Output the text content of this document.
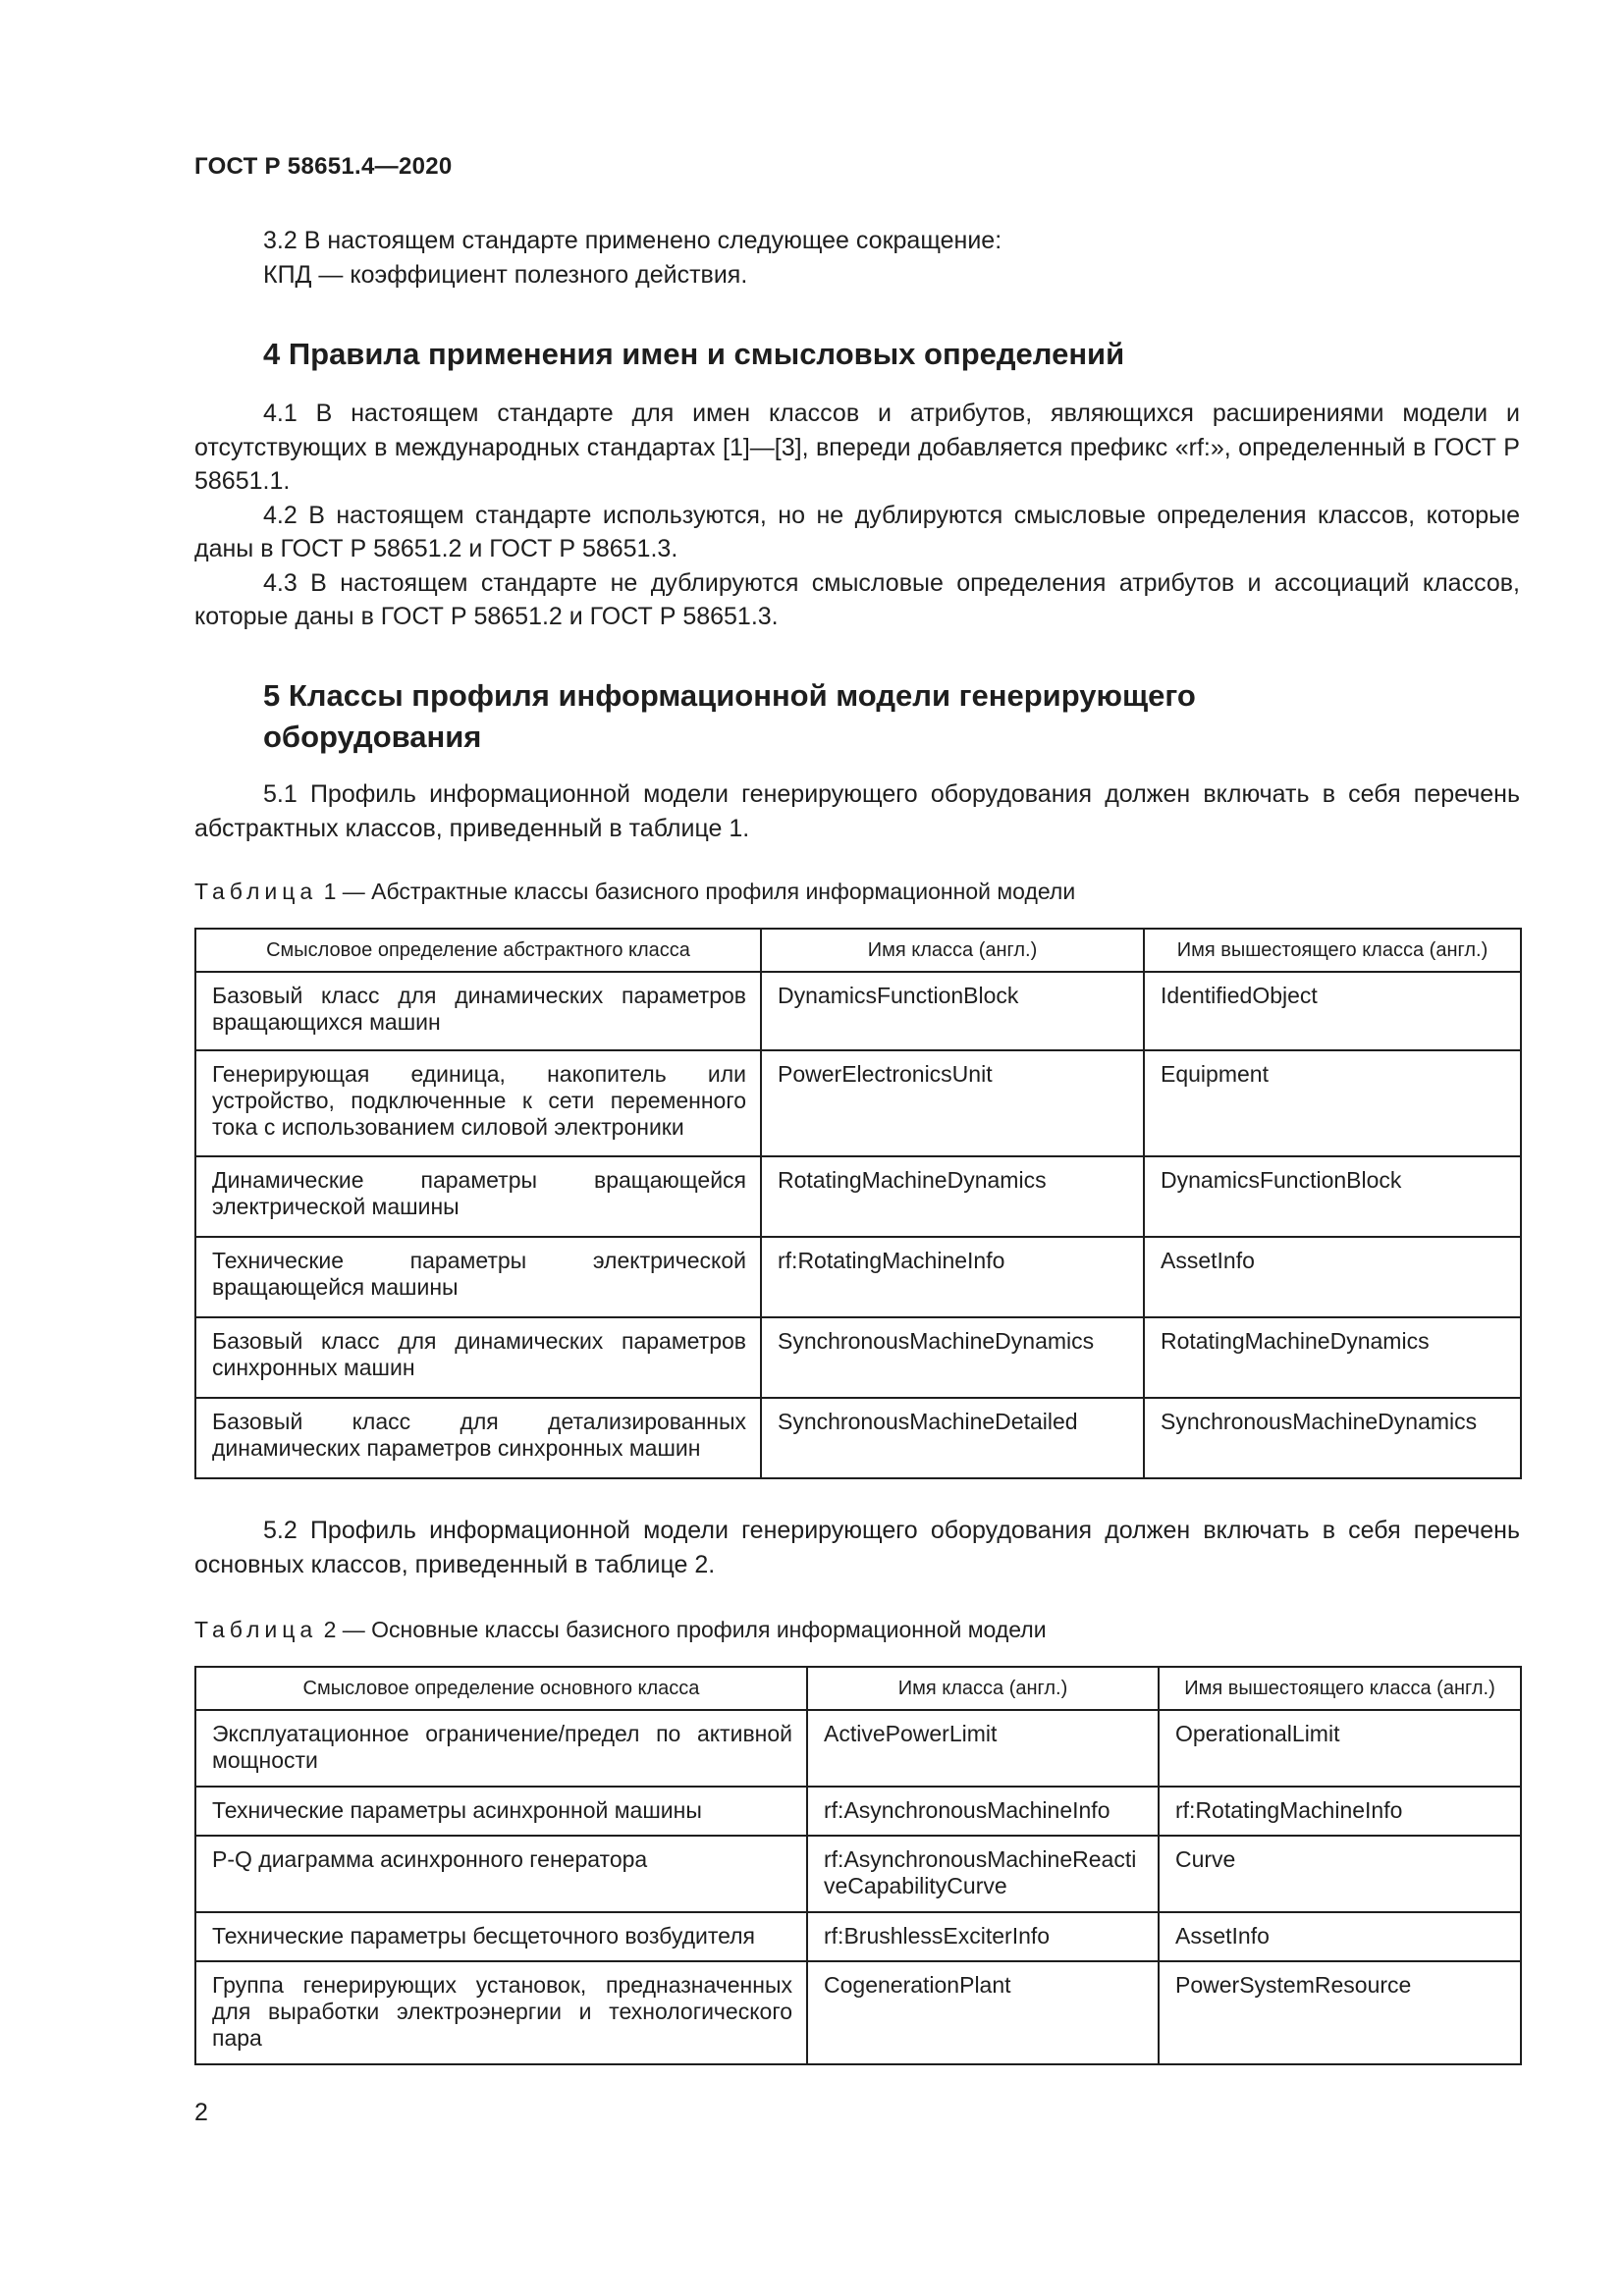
ГОСТ Р 58651.4—2020

3.2 В настоящем стандарте применено следующее сокращение:

КПД — коэффициент полезного действия.

4 Правила применения имен и смысловых определений

4.1 В настоящем стандарте для имен классов и атрибутов, являющихся расширениями модели и отсутствующих в международных стандартах [1]—[3], впереди добавляется префикс «rf:», определенный в ГОСТ Р 58651.1.

4.2 В настоящем стандарте используются, но не дублируются смысловые определения классов, которые даны в ГОСТ Р 58651.2 и ГОСТ Р 58651.3.

4.3 В настоящем стандарте не дублируются смысловые определения атрибутов и ассоциаций классов, которые даны в ГОСТ Р 58651.2 и ГОСТ Р 58651.3.

5 Классы профиля информационной модели генерирующего
оборудования
5.1 Профиль информационной модели генерирующего оборудования должен включать в себя перечень абстрактных классов, приведенный в таблице 1.
Таблица 1 — Абстрактные классы базисного профиля информационной модели
Смысловое определение абстрактного класса	Имя класса (англ.)	Имя вышестоящего класса (англ.)
Базовый класс для динамических параметров вращающихся машин	DynamicsFunctionBlock	IdentifiedObject
Генерирующая единица, накопитель или устройство, подключенные к сети переменного тока с использованием силовой электроники	PowerElectronicsUnit	Equipment
Динамические параметры вращающейся электрической машины	RotatingMachineDynamics	DynamicsFunctionBlock
Технические параметры электрической вращающейся машины	rf:RotatingMachineInfo	AssetInfo
Базовый класс для динамических параметров синхронных машин	SynchronousMachineDynamics	RotatingMachineDynamics
Базовый класс для детализированных динамических параметров синхронных машин	SynchronousMachineDetailed	SynchronousMachineDynamics
5.2 Профиль информационной модели генерирующего оборудования должен включать в себя перечень основных классов, приведенный в таблице 2.
Таблица 2 — Основные классы базисного профиля информационной модели
Смысловое определение основного класса	Имя класса (англ.)	Имя вышестоящего класса (англ.)
Эксплуатационное ограничение/предел по активной мощности	ActivePowerLimit	OperationalLimit
Технические параметры асинхронной машины	rf:AsynchronousMachineInfo	rf:RotatingMachineInfo
P-Q диаграмма асинхронного генератора	rf:AsynchronousMachineReactiveCapabilityCurve	Curve
Технические параметры бесщеточного возбудителя	rf:BrushlessExciterInfo	AssetInfo
Группа генерирующих установок, предназначенных для выработки электроэнергии и технологического пара	CogenerationPlant	PowerSystemResource
2
